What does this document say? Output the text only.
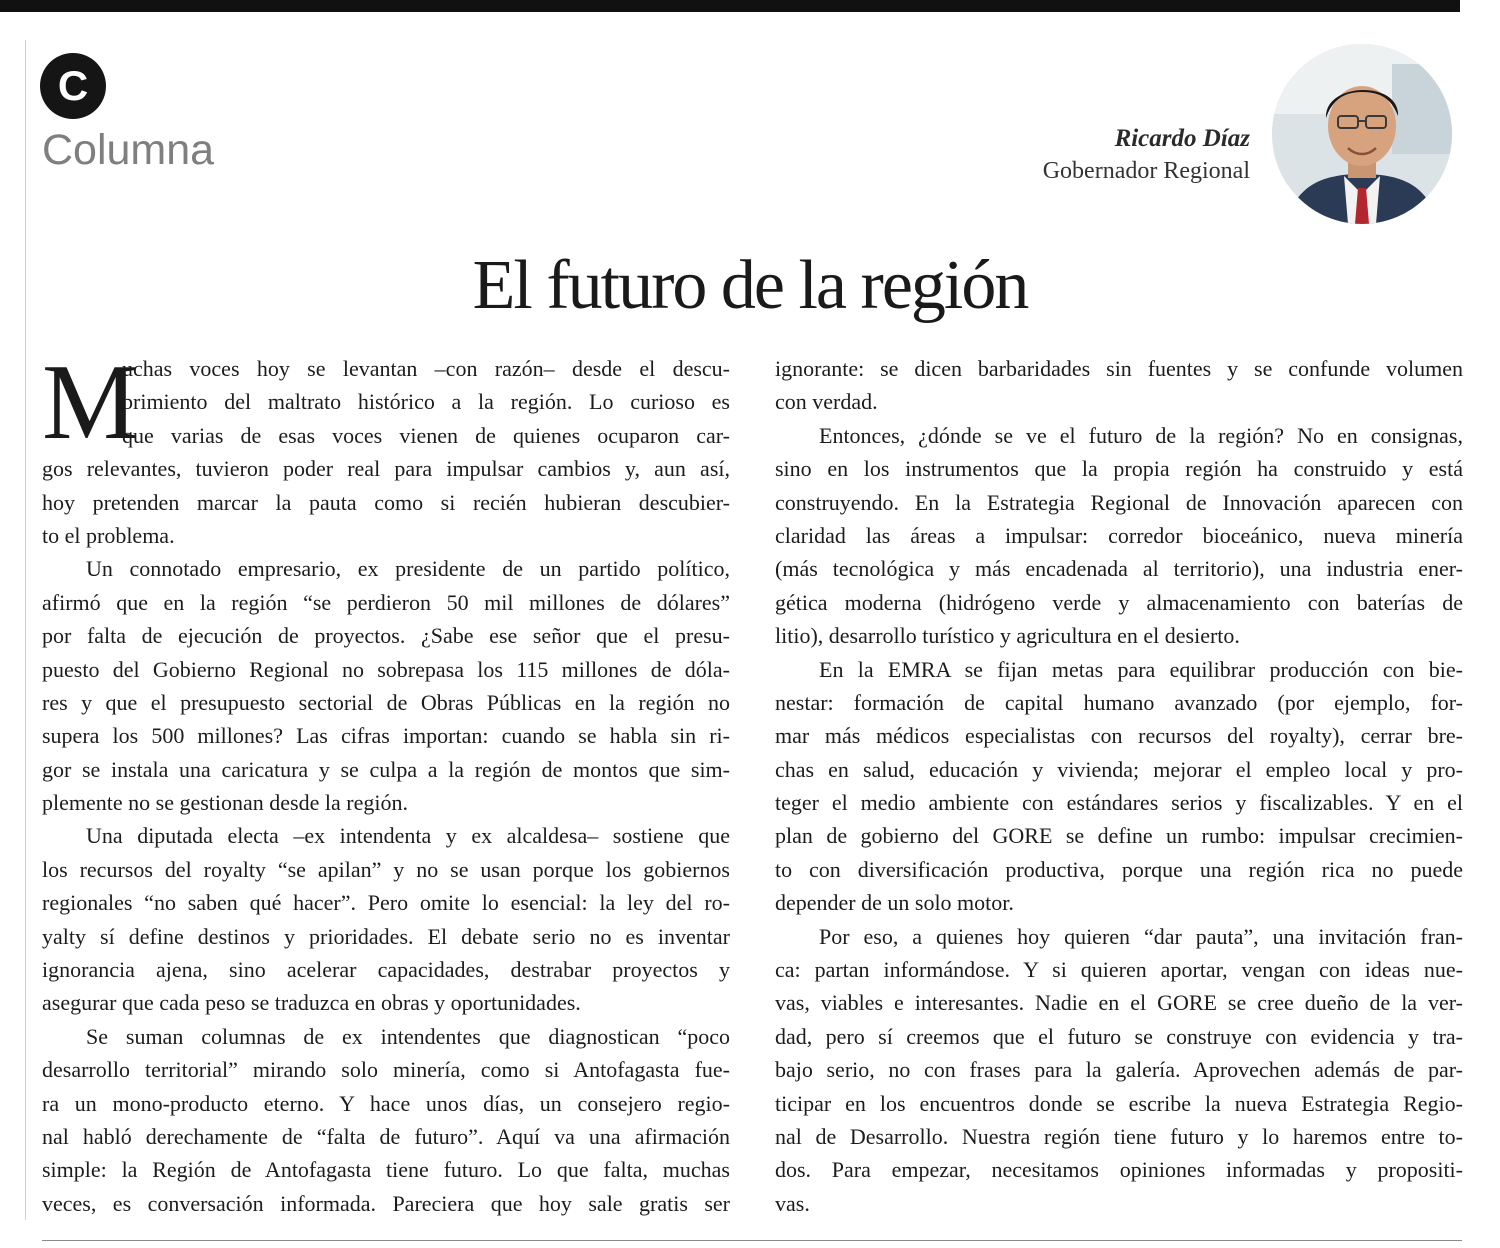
C
Columna	Ricardo Díaz
Gobernador Regional
El futuro de la región
M
uchas voces hoy se levantan –con razón– desde el descu-
brimiento del maltrato histórico a la región. Lo curioso es
que varias de esas voces vienen de quienes ocuparon car-
gos relevantes, tuvieron poder real para impulsar cambios y, aun así,
hoy pretenden marcar la pauta como si recién hubieran descubier-
to el problema.
Un connotado empresario, ex presidente de un partido político,
afirmó que en la región “se perdieron 50 mil millones de dólares”
por falta de ejecución de proyectos. ¿Sabe ese señor que el presu-
puesto del Gobierno Regional no sobrepasa los 115 millones de dóla-
res y que el presupuesto sectorial de Obras Públicas en la región no
supera los 500 millones? Las cifras importan: cuando se habla sin ri-
gor se instala una caricatura y se culpa a la región de montos que sim-
plemente no se gestionan desde la región.
Una diputada electa –ex intendenta y ex alcaldesa– sostiene que
los recursos del royalty “se apilan” y no se usan porque los gobiernos
regionales “no saben qué hacer”. Pero omite lo esencial: la ley del ro-
yalty sí define destinos y prioridades. El debate serio no es inventar
ignorancia ajena, sino acelerar capacidades, destrabar proyectos y
asegurar que cada peso se traduzca en obras y oportunidades.
Se suman columnas de ex intendentes que diagnostican “poco
desarrollo territorial” mirando solo minería, como si Antofagasta fue-
ra un mono-producto eterno. Y hace unos días, un consejero regio-
nal habló derechamente de “falta de futuro”. Aquí va una afirmación
simple: la Región de Antofagasta tiene futuro. Lo que falta, muchas
veces, es conversación informada. Pareciera que hoy sale gratis ser
ignorante: se dicen barbaridades sin fuentes y se confunde volumen
con verdad.
Entonces, ¿dónde se ve el futuro de la región? No en consignas,
sino en los instrumentos que la propia región ha construido y está
construyendo. En la Estrategia Regional de Innovación aparecen con
claridad las áreas a impulsar: corredor bioceánico, nueva minería
(más tecnológica y más encadenada al territorio), una industria ener-
gética moderna (hidrógeno verde y almacenamiento con baterías de
litio), desarrollo turístico y agricultura en el desierto.
En la EMRA se fijan metas para equilibrar producción con bie-
nestar: formación de capital humano avanzado (por ejemplo, for-
mar más médicos especialistas con recursos del royalty), cerrar bre-
chas en salud, educación y vivienda; mejorar el empleo local y pro-
teger el medio ambiente con estándares serios y fiscalizables. Y en el
plan de gobierno del GORE se define un rumbo: impulsar crecimien-
to con diversificación productiva, porque una región rica no puede
depender de un solo motor.
Por eso, a quienes hoy quieren “dar pauta”, una invitación fran-
ca: partan informándose. Y si quieren aportar, vengan con ideas nue-
vas, viables e interesantes. Nadie en el GORE se cree dueño de la ver-
dad, pero sí creemos que el futuro se construye con evidencia y tra-
bajo serio, no con frases para la galería. Aprovechen además de par-
ticipar en los encuentros donde se escribe la nueva Estrategia Regio-
nal de Desarrollo. Nuestra región tiene futuro y lo haremos entre to-
dos. Para empezar, necesitamos opiniones informadas y propositi-
vas.
